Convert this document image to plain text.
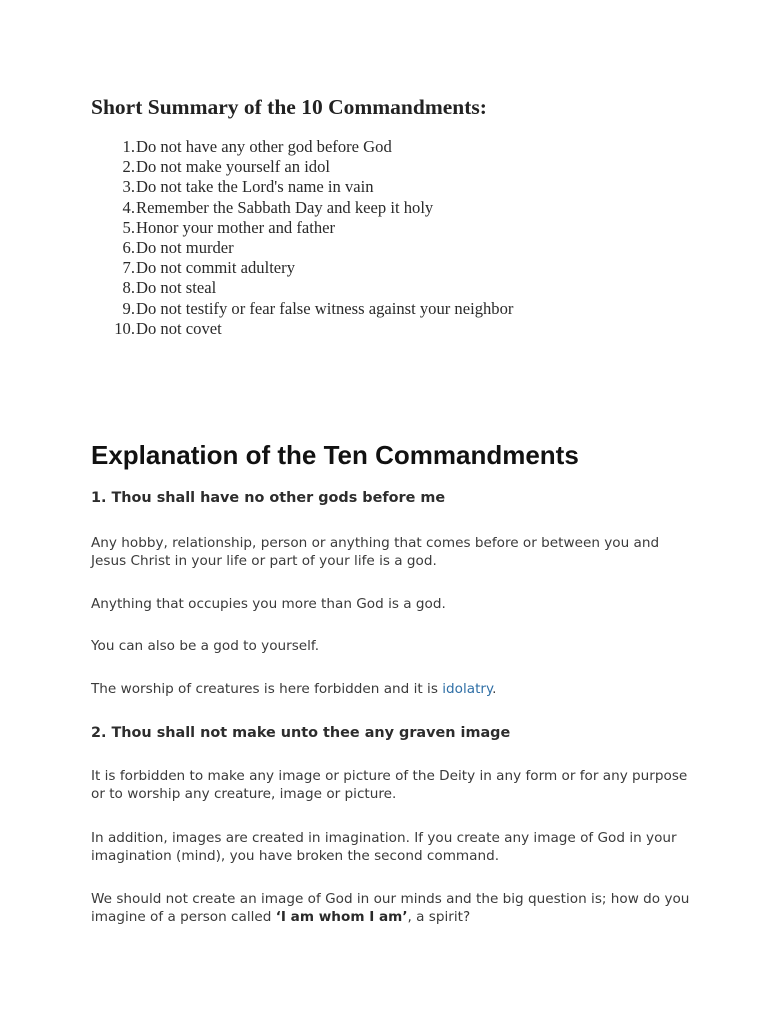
Short Summary of the 10 Commandments:
1. Do not have any other god before God
2. Do not make yourself an idol
3. Do not take the Lord's name in vain
4. Remember the Sabbath Day and keep it holy
5. Honor your mother and father
6. Do not murder
7. Do not commit adultery
8. Do not steal
9. Do not testify or fear false witness against your neighbor
10. Do not covet
Explanation of the Ten Commandments
1. Thou shall have no other gods before me

Any hobby, relationship, person or anything that comes before or between you and Jesus Christ in your life or part of your life is a god.

Anything that occupies you more than God is a god.

You can also be a god to yourself.

The worship of creatures is here forbidden and it is idolatry.

2. Thou shall not make unto thee any graven image

It is forbidden to make any image or picture of the Deity in any form or for any purpose or to worship any creature, image or picture.

In addition, images are created in imagination. If you create any image of God in your imagination (mind), you have broken the second command.

We should not create an image of God in our minds and the big question is; how do you imagine of a person called ‘I am whom I am’, a spirit?
